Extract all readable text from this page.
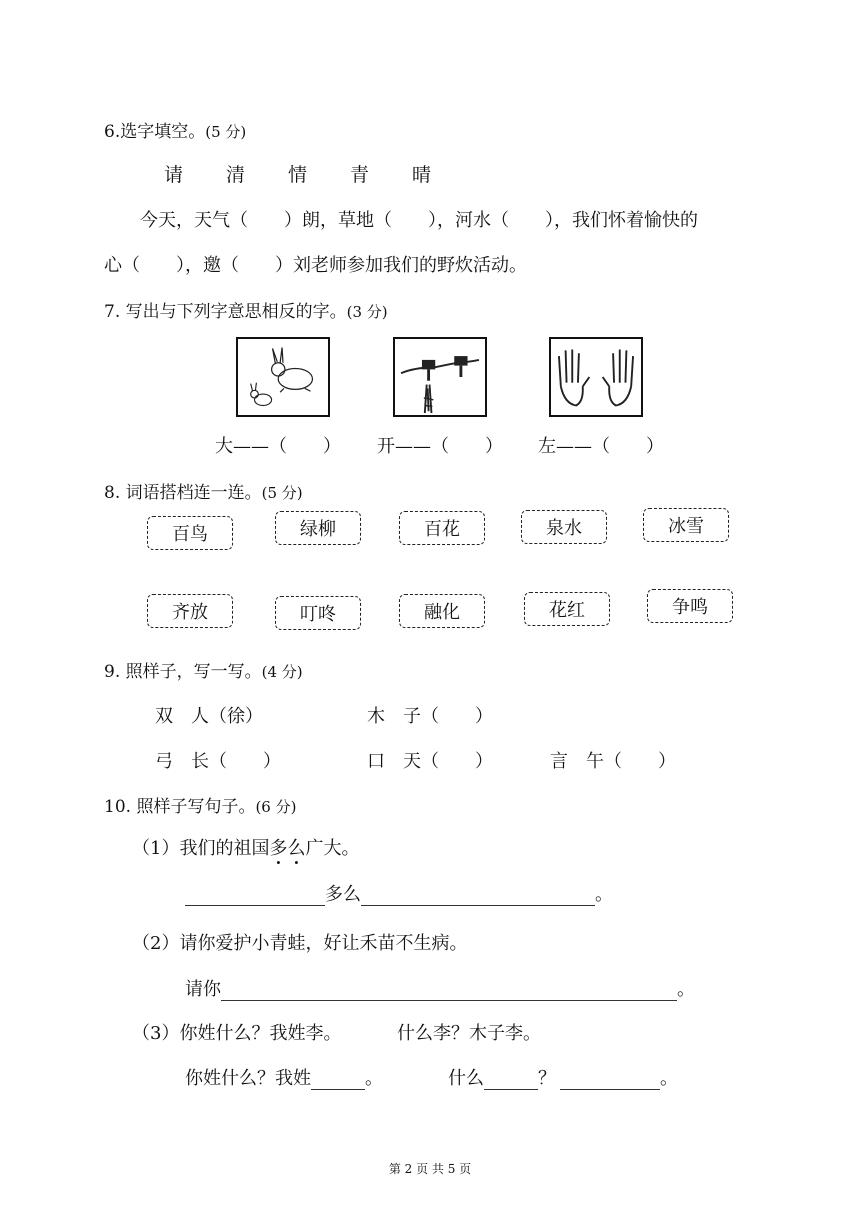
6.选字填空。(5 分)
请 清 情 青 晴
今天，天气（　　）朗，草地（　　），河水（　　），我们怀着愉快的
心（　　），邀（　　）刘老师参加我们的野炊活动。
7. 写出与下列字意思相反的字。(3 分)
大——（　　） 开——（　　） 左——（　　）
8. 词语搭档连一连。(5 分)
百鸟	绿柳	百花	泉水	冰雪
齐放	叮咚	融化	花红	争鸣
9. 照样子，写一写。(4 分)
双　人（徐）	木　子（　　）
弓　长（　　）	口　天（　　）	言　午（　　）
10. 照样子写句子。(6 分)
（1）我们的祖国多么广大。
多么	。
（2）请你爱护小青蛙，好让禾苗不生病。
请你	。
（3）你姓什么？我姓李。	什么李？木子李。
你姓什么？我姓	。	什么	？	。
第 2 页 共 5 页
